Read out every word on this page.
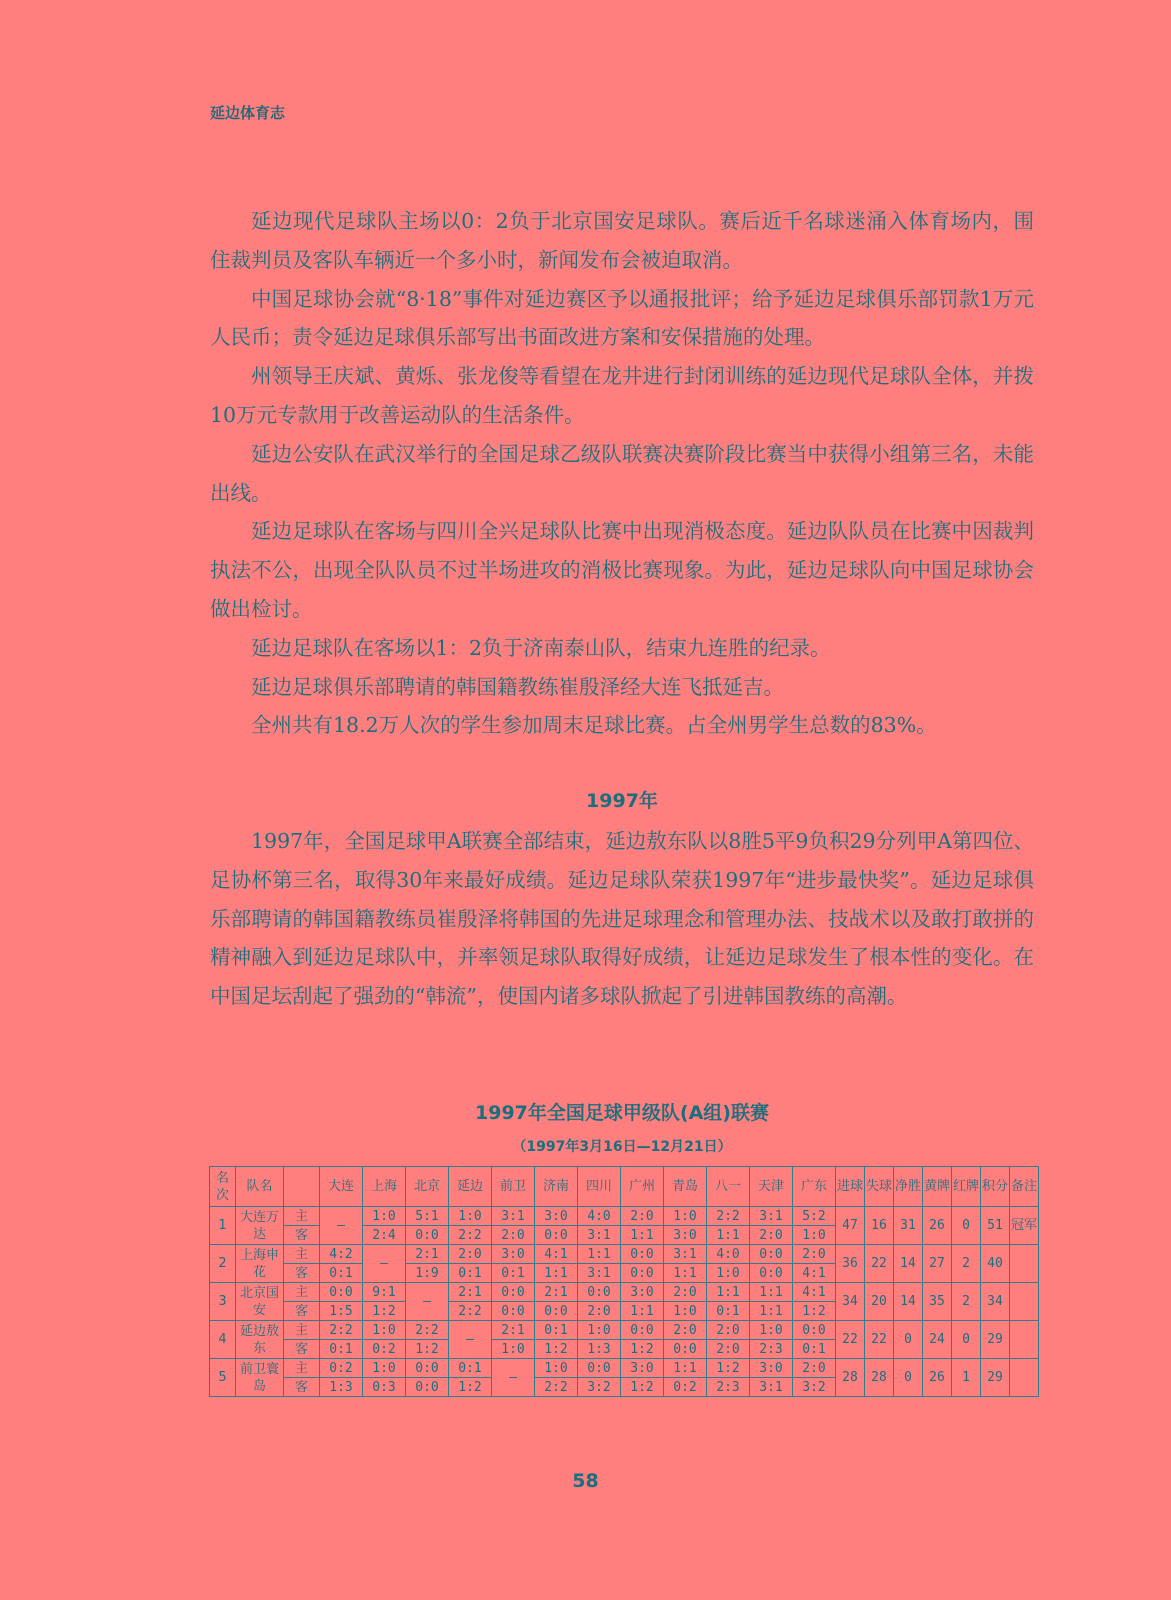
延边体育志

延边现代足球队主场以0：2负于北京国安足球队。赛后近千名球迷涌入体育场内，围住裁判员及客队车辆近一个多小时，新闻发布会被迫取消。

中国足球协会就“8·18”事件对延边赛区予以通报批评；给予延边足球俱乐部罚款1万元人民币；责令延边足球俱乐部写出书面改进方案和安保措施的处理。

州领导王庆斌、黄烁、张龙俊等看望在龙井进行封闭训练的延边现代足球队全体，并拨10万元专款用于改善运动队的生活条件。

延边公安队在武汉举行的全国足球乙级队联赛决赛阶段比赛当中获得小组第三名，未能出线。

延边足球队在客场与四川全兴足球队比赛中出现消极态度。延边队队员在比赛中因裁判执法不公，出现全队队员不过半场进攻的消极比赛现象。为此，延边足球队向中国足球协会做出检讨。

延边足球队在客场以1：2负于济南泰山队，结束九连胜的纪录。

延边足球俱乐部聘请的韩国籍教练崔殷泽经大连飞抵延吉。

全州共有18.2万人次的学生参加周末足球比赛。占全州男学生总数的83%。

1997年

1997年，全国足球甲A联赛全部结束，延边敖东队以8胜5平9负积29分列甲A第四位、足协杯第三名，取得30年来最好成绩。延边足球队荣获1997年“进步最快奖”。延边足球俱乐部聘请的韩国籍教练员崔殷泽将韩国的先进足球理念和管理办法、技战术以及敢打敢拼的精神融入到延边足球队中，并率领足球队取得好成绩，让延边足球发生了根本性的变化。在中国足坛刮起了强劲的“韩流”，使国内诸多球队掀起了引进韩国教练的高潮。

1997年全国足球甲级队(A组)联赛
（1997年3月16日—12月21日）
名次	队名		大连	上海	北京	延边	前卫	济南	四川	广州	青岛	八一	天津	广东	进球	失球	净胜	黄牌	红牌	积分	备注
1	大连万达	主	–	1:0	5:1	1:0	3:1	3:0	4:0	2:0	1:0	2:2	3:1	5:2	47	16	31	26	0	51	冠军
		客		2:4	0:0	2:2	2:0	0:0	3:1	1:1	3:0	1:1	2:0	1:0							
2	上海申花	主	4:2	–	2:1	2:0	3:0	4:1	1:1	0:0	3:1	4:0	0:0	2:0	36	22	14	27	2	40	
		客	0:1		1:9	0:1	0:1	1:1	3:1	0:0	1:1	1:0	0:0	4:1							
3	北京国安	主	0:0	9:1	–	2:1	0:0	2:1	0:0	3:0	2:0	1:1	1:1	4:1	34	20	14	35	2	34	
		客	1:5	1:2		2:2	0:0	0:0	2:0	1:1	1:0	0:1	1:1	1:2							
4	延边敖东	主	2:2	1:0	2:2	–	2:1	0:1	1:0	0:0	2:0	2:0	1:0	0:0	22	22	0	24	0	29	
		客	0:1	0:2	1:2		1:0	1:2	1:3	1:2	0:0	2:0	2:3	0:1							
5	前卫寰岛	主	0:2	1:0	0:0	0:1	–	1:0	0:0	3:0	1:1	1:2	3:0	2:0	28	28	0	26	1	29	
		客	1:3	0:3	0:0	1:2		2:2	3:2	1:2	0:2	2:3	3:1	3:2							
58
